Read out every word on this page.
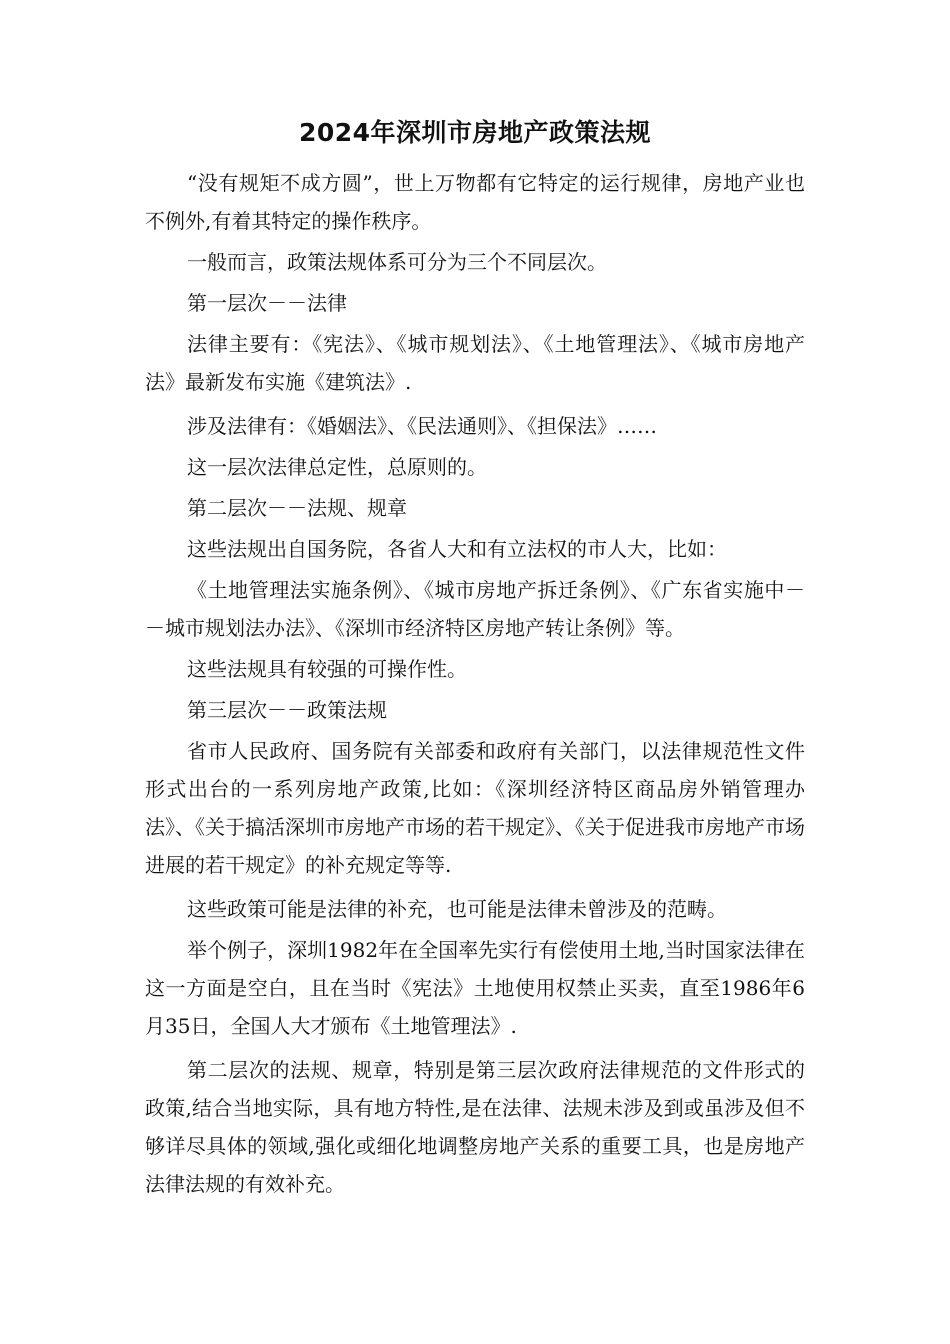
2024年深圳市房地产政策法规

“没有规矩不成方圆”，世上万物都有它特定的运行规律，房地产业也不例外,有着其特定的操作秩序。

一般而言，政策法规体系可分为三个不同层次。

第一层次－－法律

法律主要有：《宪法》、《城市规划法》、《土地管理法》、《城市房地产法》最新发布实施《建筑法》.

涉及法律有：《婚姻法》、《民法通则》、《担保法》……

这一层次法律总定性，总原则的。

第二层次－－法规、规章

这些法规出自国务院，各省人大和有立法权的市人大，比如：

《土地管理法实施条例》、《城市房地产拆迁条例》、《广东省实施中－－城市规划法办法》、《深圳市经济特区房地产转让条例》等。

这些法规具有较强的可操作性。

第三层次－－政策法规

省市人民政府、国务院有关部委和政府有关部门，以法律规范性文件形式出台的一系列房地产政策,比如：《深圳经济特区商品房外销管理办法》、《关于搞活深圳市房地产市场的若干规定》、《关于促进我市房地产市场进展的若干规定》的补充规定等等.

这些政策可能是法律的补充，也可能是法律未曾涉及的范畴。

举个例子，深圳1982年在全国率先实行有偿使用土地,当时国家法律在这一方面是空白，且在当时《宪法》土地使用权禁止买卖，直至1986年6月35日，全国人大才颁布《土地管理法》.

第二层次的法规、规章，特别是第三层次政府法律规范的文件形式的政策,结合当地实际，具有地方特性,是在法律、法规未涉及到或虽涉及但不够详尽具体的领域,强化或细化地调整房地产关系的重要工具，也是房地产法律法规的有效补充。
